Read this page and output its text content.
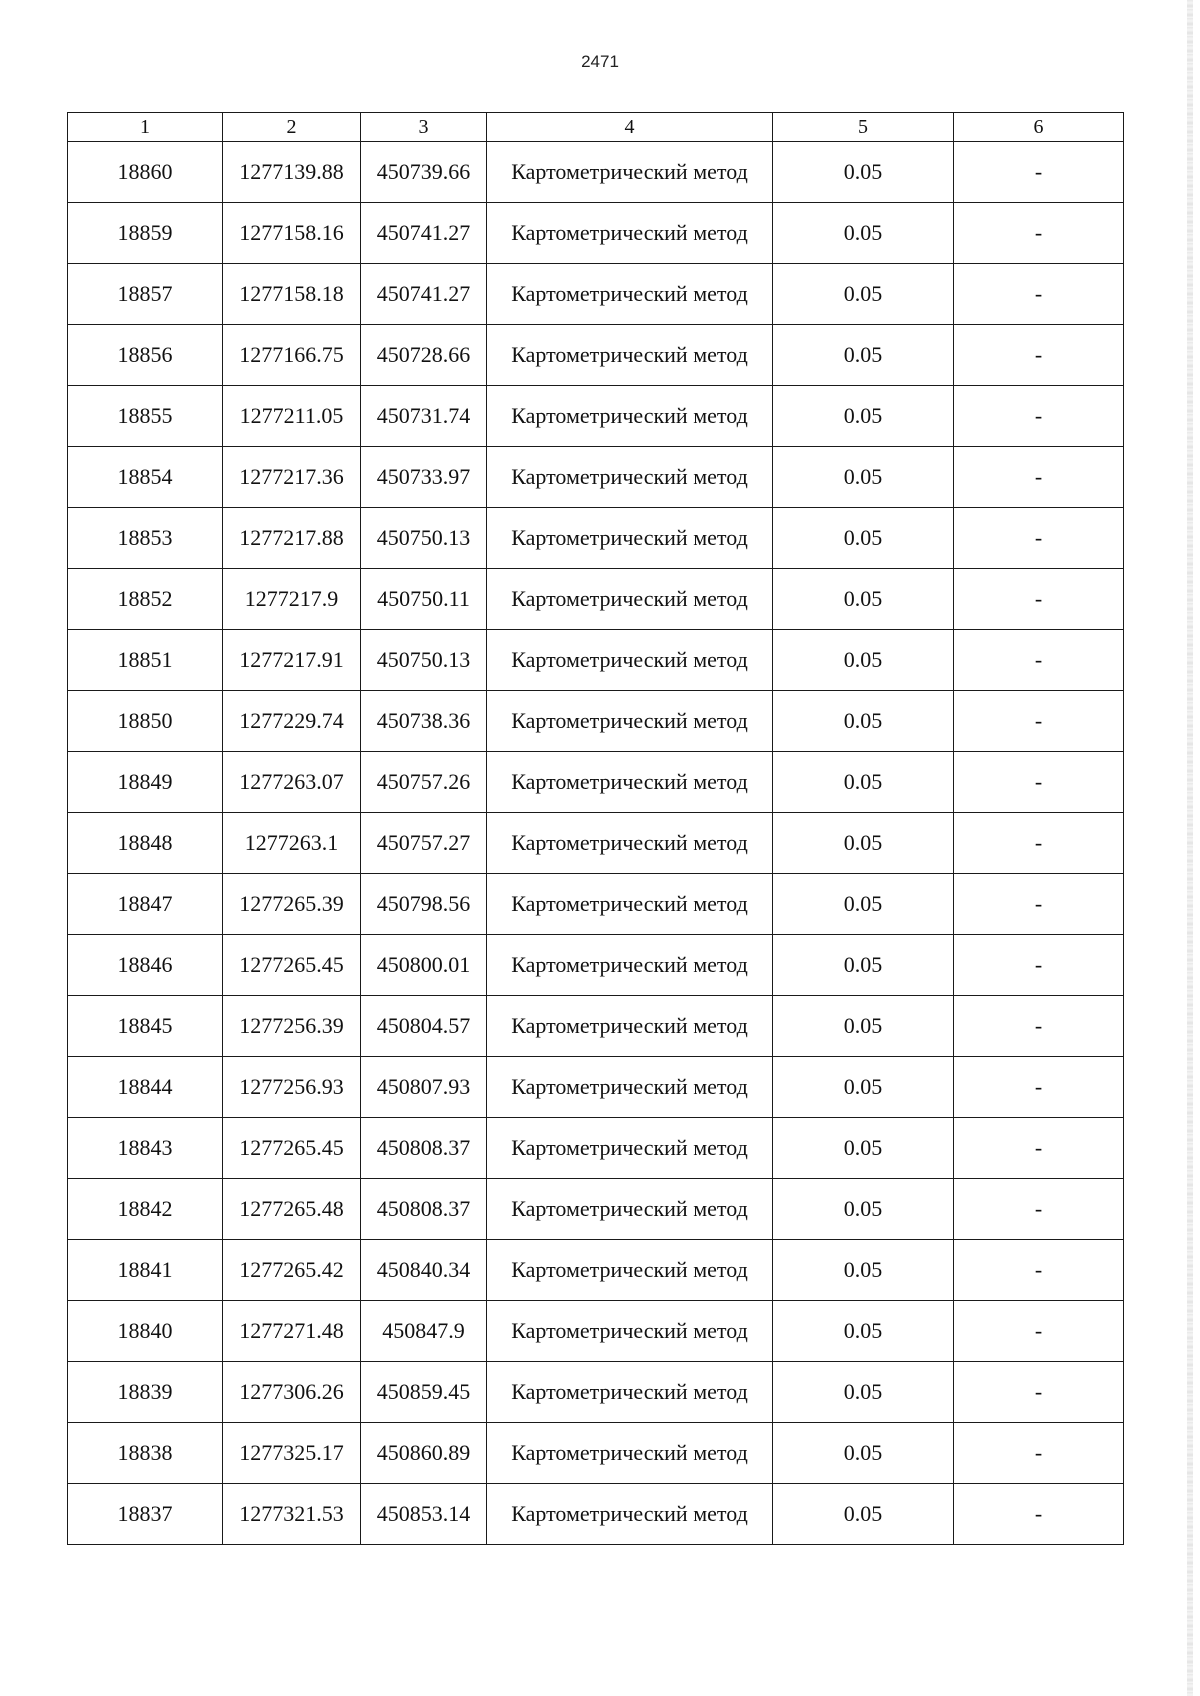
2471
1	2	3	4	5	6
18860	1277139.88	450739.66	Картометрический метод	0.05	-
18859	1277158.16	450741.27	Картометрический метод	0.05	-
18857	1277158.18	450741.27	Картометрический метод	0.05	-
18856	1277166.75	450728.66	Картометрический метод	0.05	-
18855	1277211.05	450731.74	Картометрический метод	0.05	-
18854	1277217.36	450733.97	Картометрический метод	0.05	-
18853	1277217.88	450750.13	Картометрический метод	0.05	-
18852	1277217.9	450750.11	Картометрический метод	0.05	-
18851	1277217.91	450750.13	Картометрический метод	0.05	-
18850	1277229.74	450738.36	Картометрический метод	0.05	-
18849	1277263.07	450757.26	Картометрический метод	0.05	-
18848	1277263.1	450757.27	Картометрический метод	0.05	-
18847	1277265.39	450798.56	Картометрический метод	0.05	-
18846	1277265.45	450800.01	Картометрический метод	0.05	-
18845	1277256.39	450804.57	Картометрический метод	0.05	-
18844	1277256.93	450807.93	Картометрический метод	0.05	-
18843	1277265.45	450808.37	Картометрический метод	0.05	-
18842	1277265.48	450808.37	Картометрический метод	0.05	-
18841	1277265.42	450840.34	Картометрический метод	0.05	-
18840	1277271.48	450847.9	Картометрический метод	0.05	-
18839	1277306.26	450859.45	Картометрический метод	0.05	-
18838	1277325.17	450860.89	Картометрический метод	0.05	-
18837	1277321.53	450853.14	Картометрический метод	0.05	-
